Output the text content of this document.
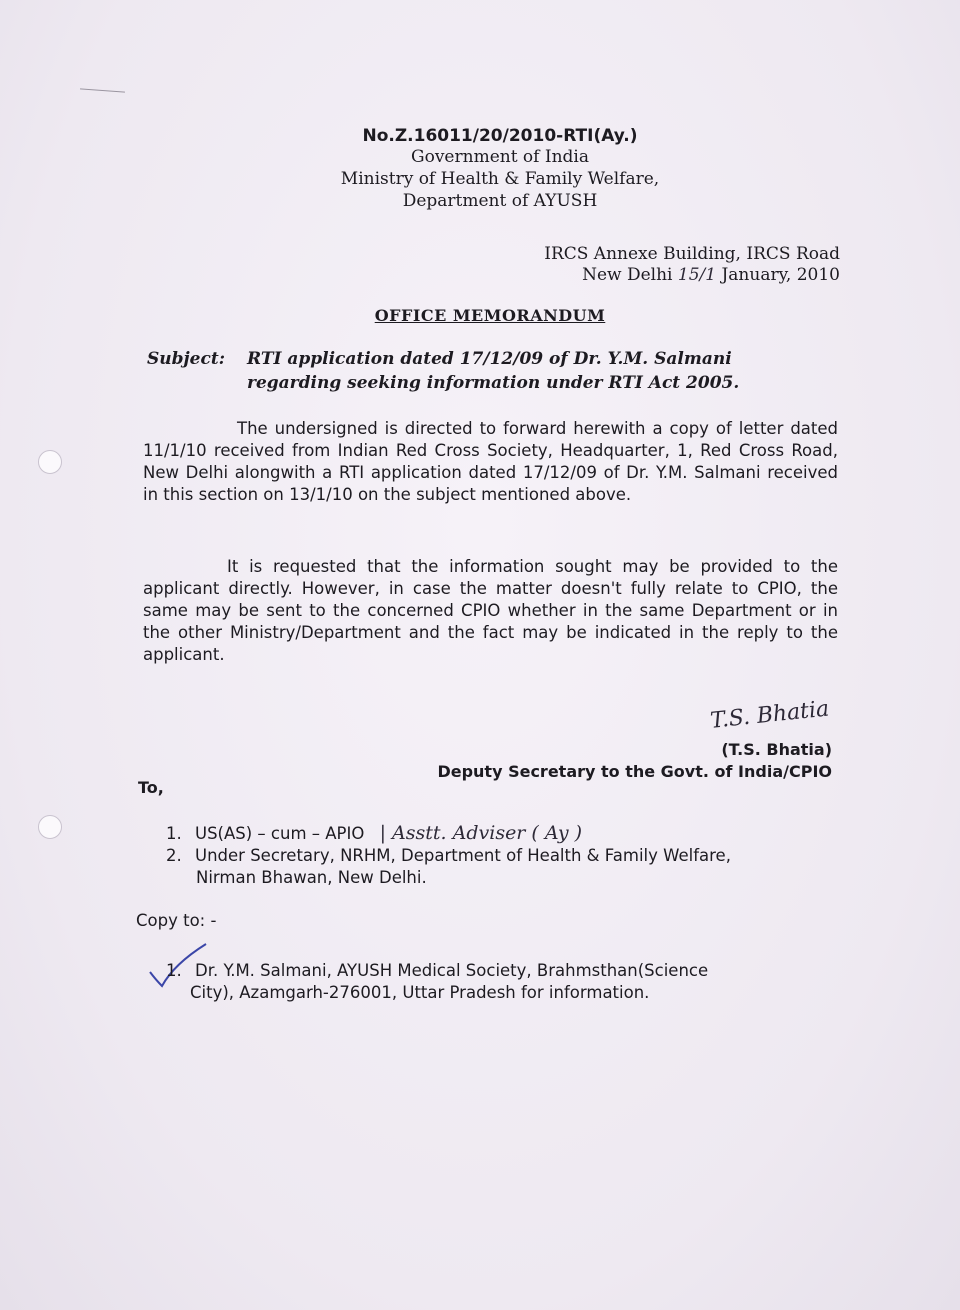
No.Z.16011/20/2010-RTI(Ay.)
Government of India
Ministry of Health & Family Welfare,
Department of AYUSH
IRCS Annexe Building, IRCS Road
New Delhi 15/1 January, 2010
OFFICE MEMORANDUM
Subject: RTI application dated 17/12/09 of Dr. Y.M. Salmani
regarding seeking information under RTI Act 2005.
The undersigned is directed to forward herewith a copy of letter dated 11/1/10 received from Indian Red Cross Society, Headquarter, 1, Red Cross Road, New Delhi alongwith a RTI application dated 17/12/09 of Dr. Y.M. Salmani received in this section on 13/1/10 on the subject mentioned above.
It is requested that the information sought may be provided to the applicant directly. However, in case the matter doesn't fully relate to CPIO, the same may be sent to the concerned CPIO whether in the same Department or in the other Ministry/Department and the fact may be indicated in the reply to the applicant.
T.S. Bhatia
(T.S. Bhatia)
Deputy Secretary to the Govt. of India/CPIO
To,
1. US(AS) – cum – APIO | Asstt. Adviser ( Ay )
2. Under Secretary, NRHM, Department of Health & Family Welfare,
Nirman Bhawan, New Delhi.
Copy to: -
1. Dr. Y.M. Salmani, AYUSH Medical Society, Brahmsthan(Science
City), Azamgarh-276001, Uttar Pradesh for information.
